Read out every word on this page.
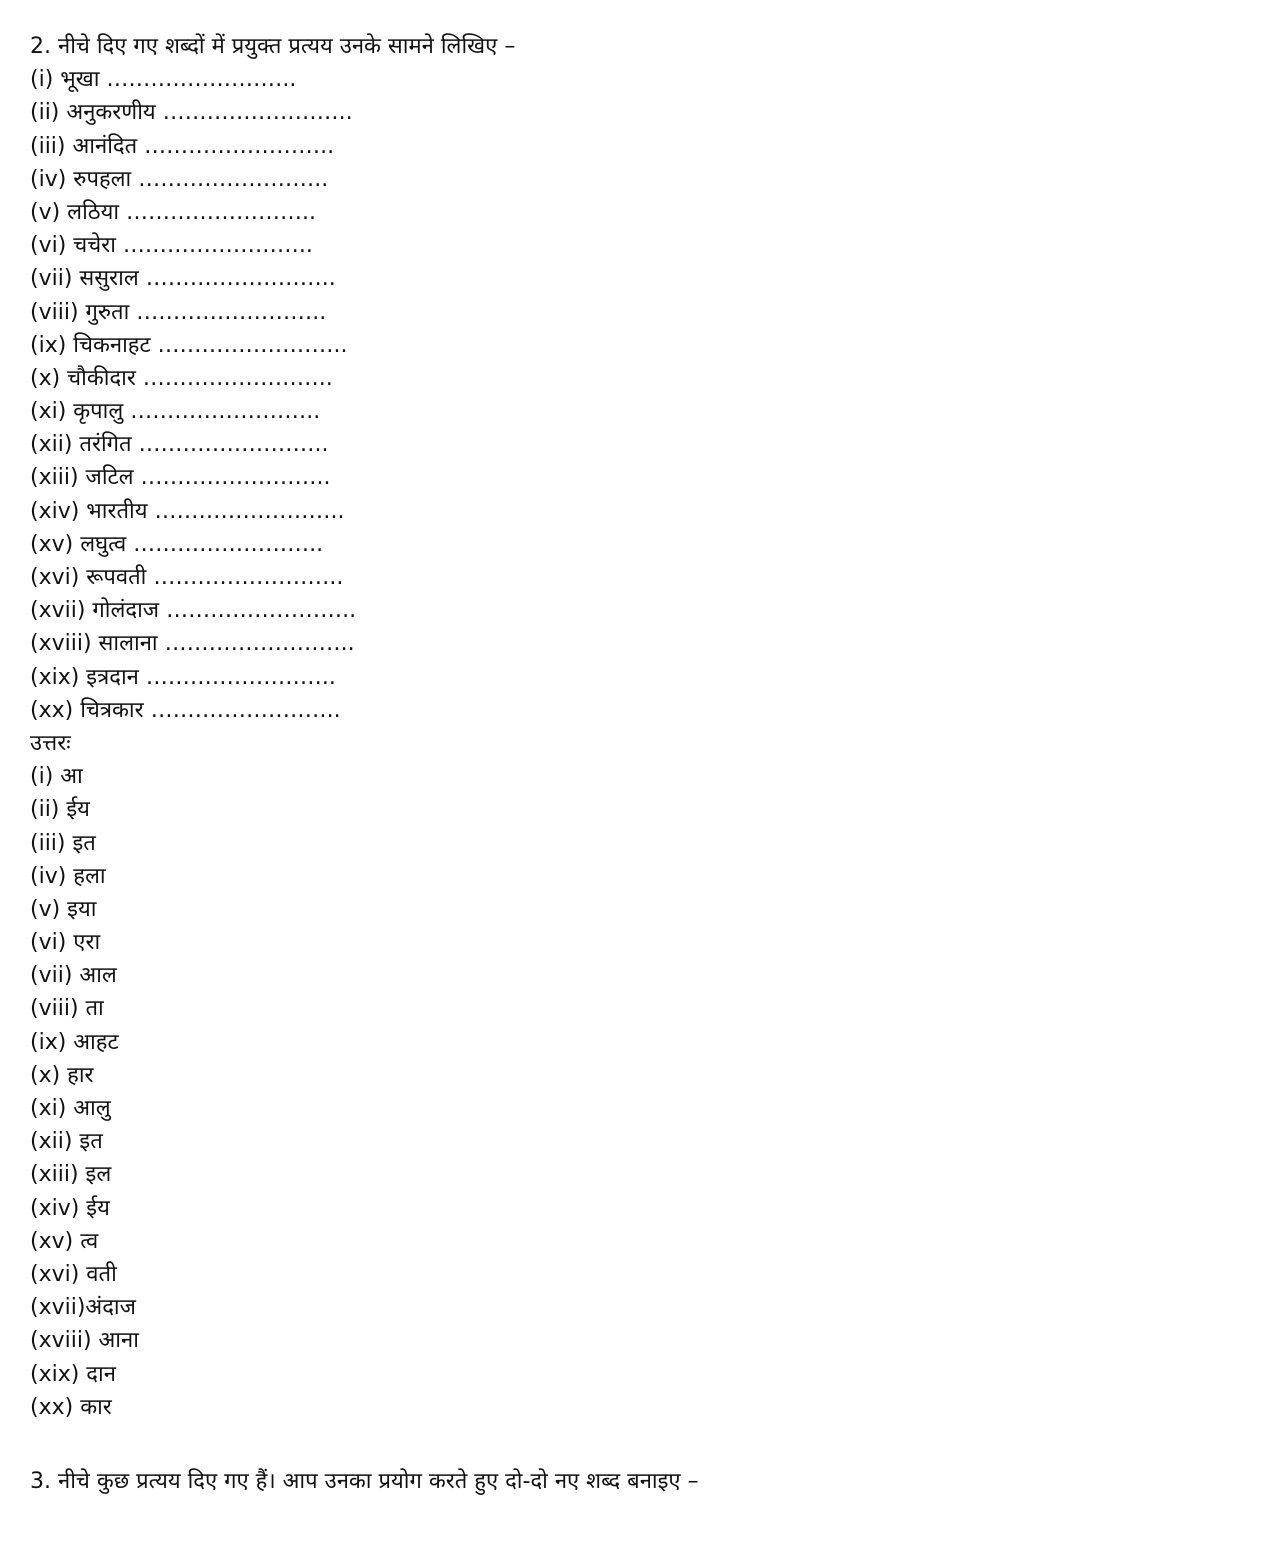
2. नीचे दिए गए शब्दों में प्रयुक्त प्रत्यय उनके सामने लिखिए –
(i) भूखा ……………………..
(ii) अनुकरणीय ……………………..
(iii) आनंदित ……………………..
(iv) रुपहला ……………………..
(v) लठिया ……………………..
(vi) चचेरा ……………………..
(vii) ससुराल ……………………..
(viii) गुरुता ……………………..
(ix) चिकनाहट ……………………..
(x) चौकीदार ……………………..
(xi) कृपालु ……………………..
(xii) तरंगित ……………………..
(xiii) जटिल ……………………..
(xiv) भारतीय ……………………..
(xv) लघुत्व ……………………..
(xvi) रूपवती ……………………..
(xvii) गोलंदाज ……………………..
(xviii) सालाना ……………………..
(xix) इत्रदान ……………………..
(xx) चित्रकार ……………………..
उत्तरः
(i) आ
(ii) ईय
(iii) इत
(iv) हला
(v) इया
(vi) एरा
(vii) आल
(viii) ता
(ix) आहट
(x) हार
(xi) आलु
(xii) इत
(xiii) इल
(xiv) ईय
(xv) त्व
(xvi) वती
(xvii)अंदाज
(xviii) आना
(xix) दान
(xx) कार
3. नीचे कुछ प्रत्यय दिए गए हैं। आप उनका प्रयोग करते हुए दो-दो नए शब्द बनाइए –
